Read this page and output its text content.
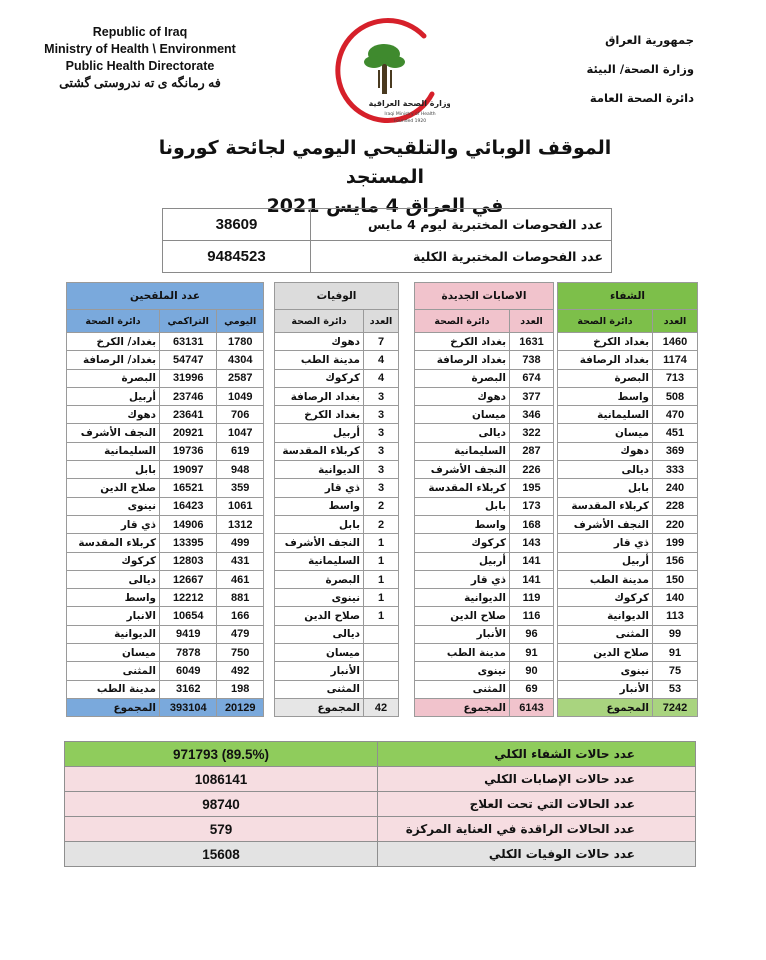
Republic of Iraq
Ministry of Health \ Environment
Public Health Directorate
فه رمانگه ی ته ندروستی گشتی
وزارة الصحة العراقية
Iraqi Ministry of Health
Founded 1920
جمهورية العراق
وزارة الصحة/ البيئة
دائرة الصحة العامة
الموقف الوبائي والتلقيحي اليومي لجائحة كورونا المستجد
في العراق 4 مايس 2021
38609	عدد الفحوصات المختبرية ليوم 4 مايس
9484523	عدد الفحوصات المختبرية الكلية
الشفاء	
دائرة الصحة	العدد
بغداد الكرخ	1460
بغداد الرصافة	1174
البصرة	713
واسط	508
السليمانية	470
ميسان	451
دهوك	369
ديالى	333
بابل	240
كربلاء المقدسة	228
النجف الأشرف	220
ذي قار	199
أربيل	156
مدينة الطب	150
كركوك	140
الديوانية	113
المثنى	99
صلاح الدين	91
نينوى	75
الأنبار	53
المجموع	7242
الاصابات الجديدة	
دائرة الصحة	العدد
بغداد الكرخ	1631
بغداد الرصافة	738
البصرة	674
دهوك	377
ميسان	346
ديالى	322
السليمانية	287
النجف الأشرف	226
كربلاء المقدسة	195
بابل	173
واسط	168
كركوك	143
أربيل	141
ذي قار	141
الديوانية	119
صلاح الدين	116
الأنبار	96
مدينة الطب	91
نينوى	90
المثنى	69
المجموع	6143
الوفيات	
دائرة الصحة	العدد
دهوك	7
مدينة الطب	4
كركوك	4
بغداد الرصافة	3
بغداد الكرخ	3
أربيل	3
كربلاء المقدسة	3
الديوانية	3
ذي قار	3
واسط	2
بابل	2
النجف الأشرف	1
السليمانية	1
البصرة	1
نينوى	1
صلاح الدين	1
ديالى	
ميسان	
الأنبار	
المثنى	
المجموع	42
عدد الملقحين		
دائرة الصحة	التراكمي	اليومي
بغداد/ الكرخ	63131	1780
بغداد/ الرصافة	54747	4304
البصرة	31996	2587
أربيل	23746	1049
دهوك	23641	706
النجف الأشرف	20921	1047
السليمانية	19736	619
بابل	19097	948
صلاح الدين	16521	359
نينوى	16423	1061
ذي قار	14906	1312
كربلاء المقدسة	13395	499
كركوك	12803	431
ديالى	12667	461
واسط	12212	881
الانبار	10654	166
الديوانية	9419	479
ميسان	7878	750
المثنى	6049	492
مدينة الطب	3162	198
المجموع	393104	20129
971793 (89.5%)	عدد حالات الشفاء الكلي
1086141	عدد حالات الإصابات الكلي
98740	عدد الحالات التي تحت العلاج
579	عدد الحالات الراقدة في العناية المركزة
15608	عدد حالات الوفيات الكلي
